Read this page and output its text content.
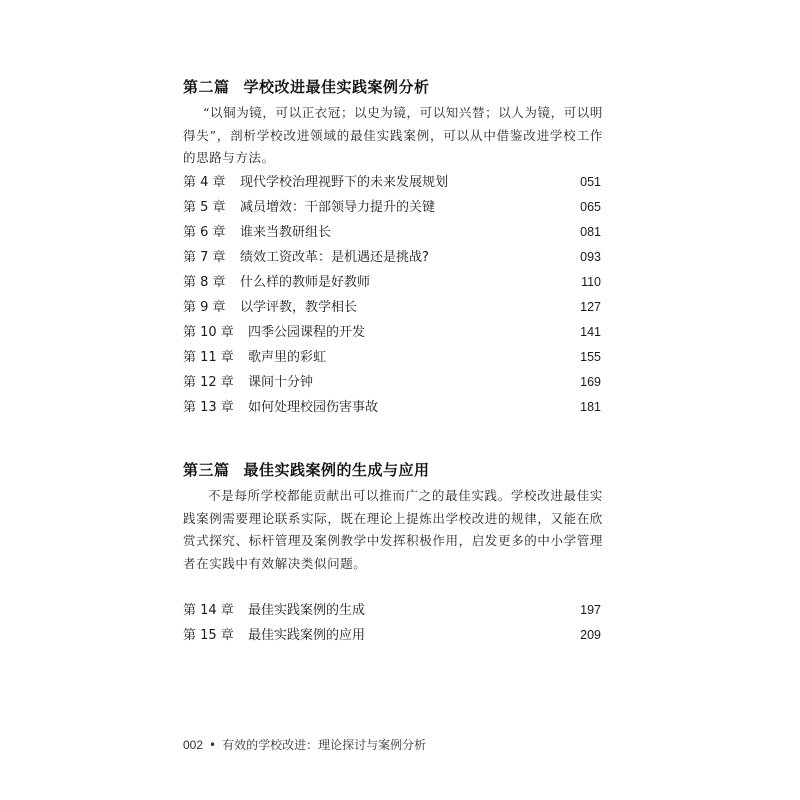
第二篇 学校改进最佳实践案例分析

“以铜为镜，可以正衣冠；以史为镜，可以知兴替；以人为镜，可以明得失”，剖析学校改进领域的最佳实践案例，可以从中借鉴改进学校工作的思路与方法。

第 4 章	现代学校治理视野下的未来发展规划	051
第 5 章	减员增效：干部领导力提升的关键	065
第 6 章	谁来当教研组长	081
第 7 章	绩效工资改革：是机遇还是挑战?	093
第 8 章	什么样的教师是好教师	110
第 9 章	以学评教，教学相长	127
第 10 章	四季公园课程的开发	141
第 11 章	歌声里的彩虹	155
第 12 章	课间十分钟	169
第 13 章	如何处理校园伤害事故	181
第三篇 最佳实践案例的生成与应用

不是每所学校都能贡献出可以推而广之的最佳实践。学校改进最佳实践案例需要理论联系实际，既在理论上提炼出学校改进的规律，又能在欣赏式探究、标杆管理及案例教学中发挥积极作用，启发更多的中小学管理者在实践中有效解决类似问题。

第 14 章	最佳实践案例的生成	197
第 15 章	最佳实践案例的应用	209
002 • 有效的学校改进：理论探讨与案例分析
